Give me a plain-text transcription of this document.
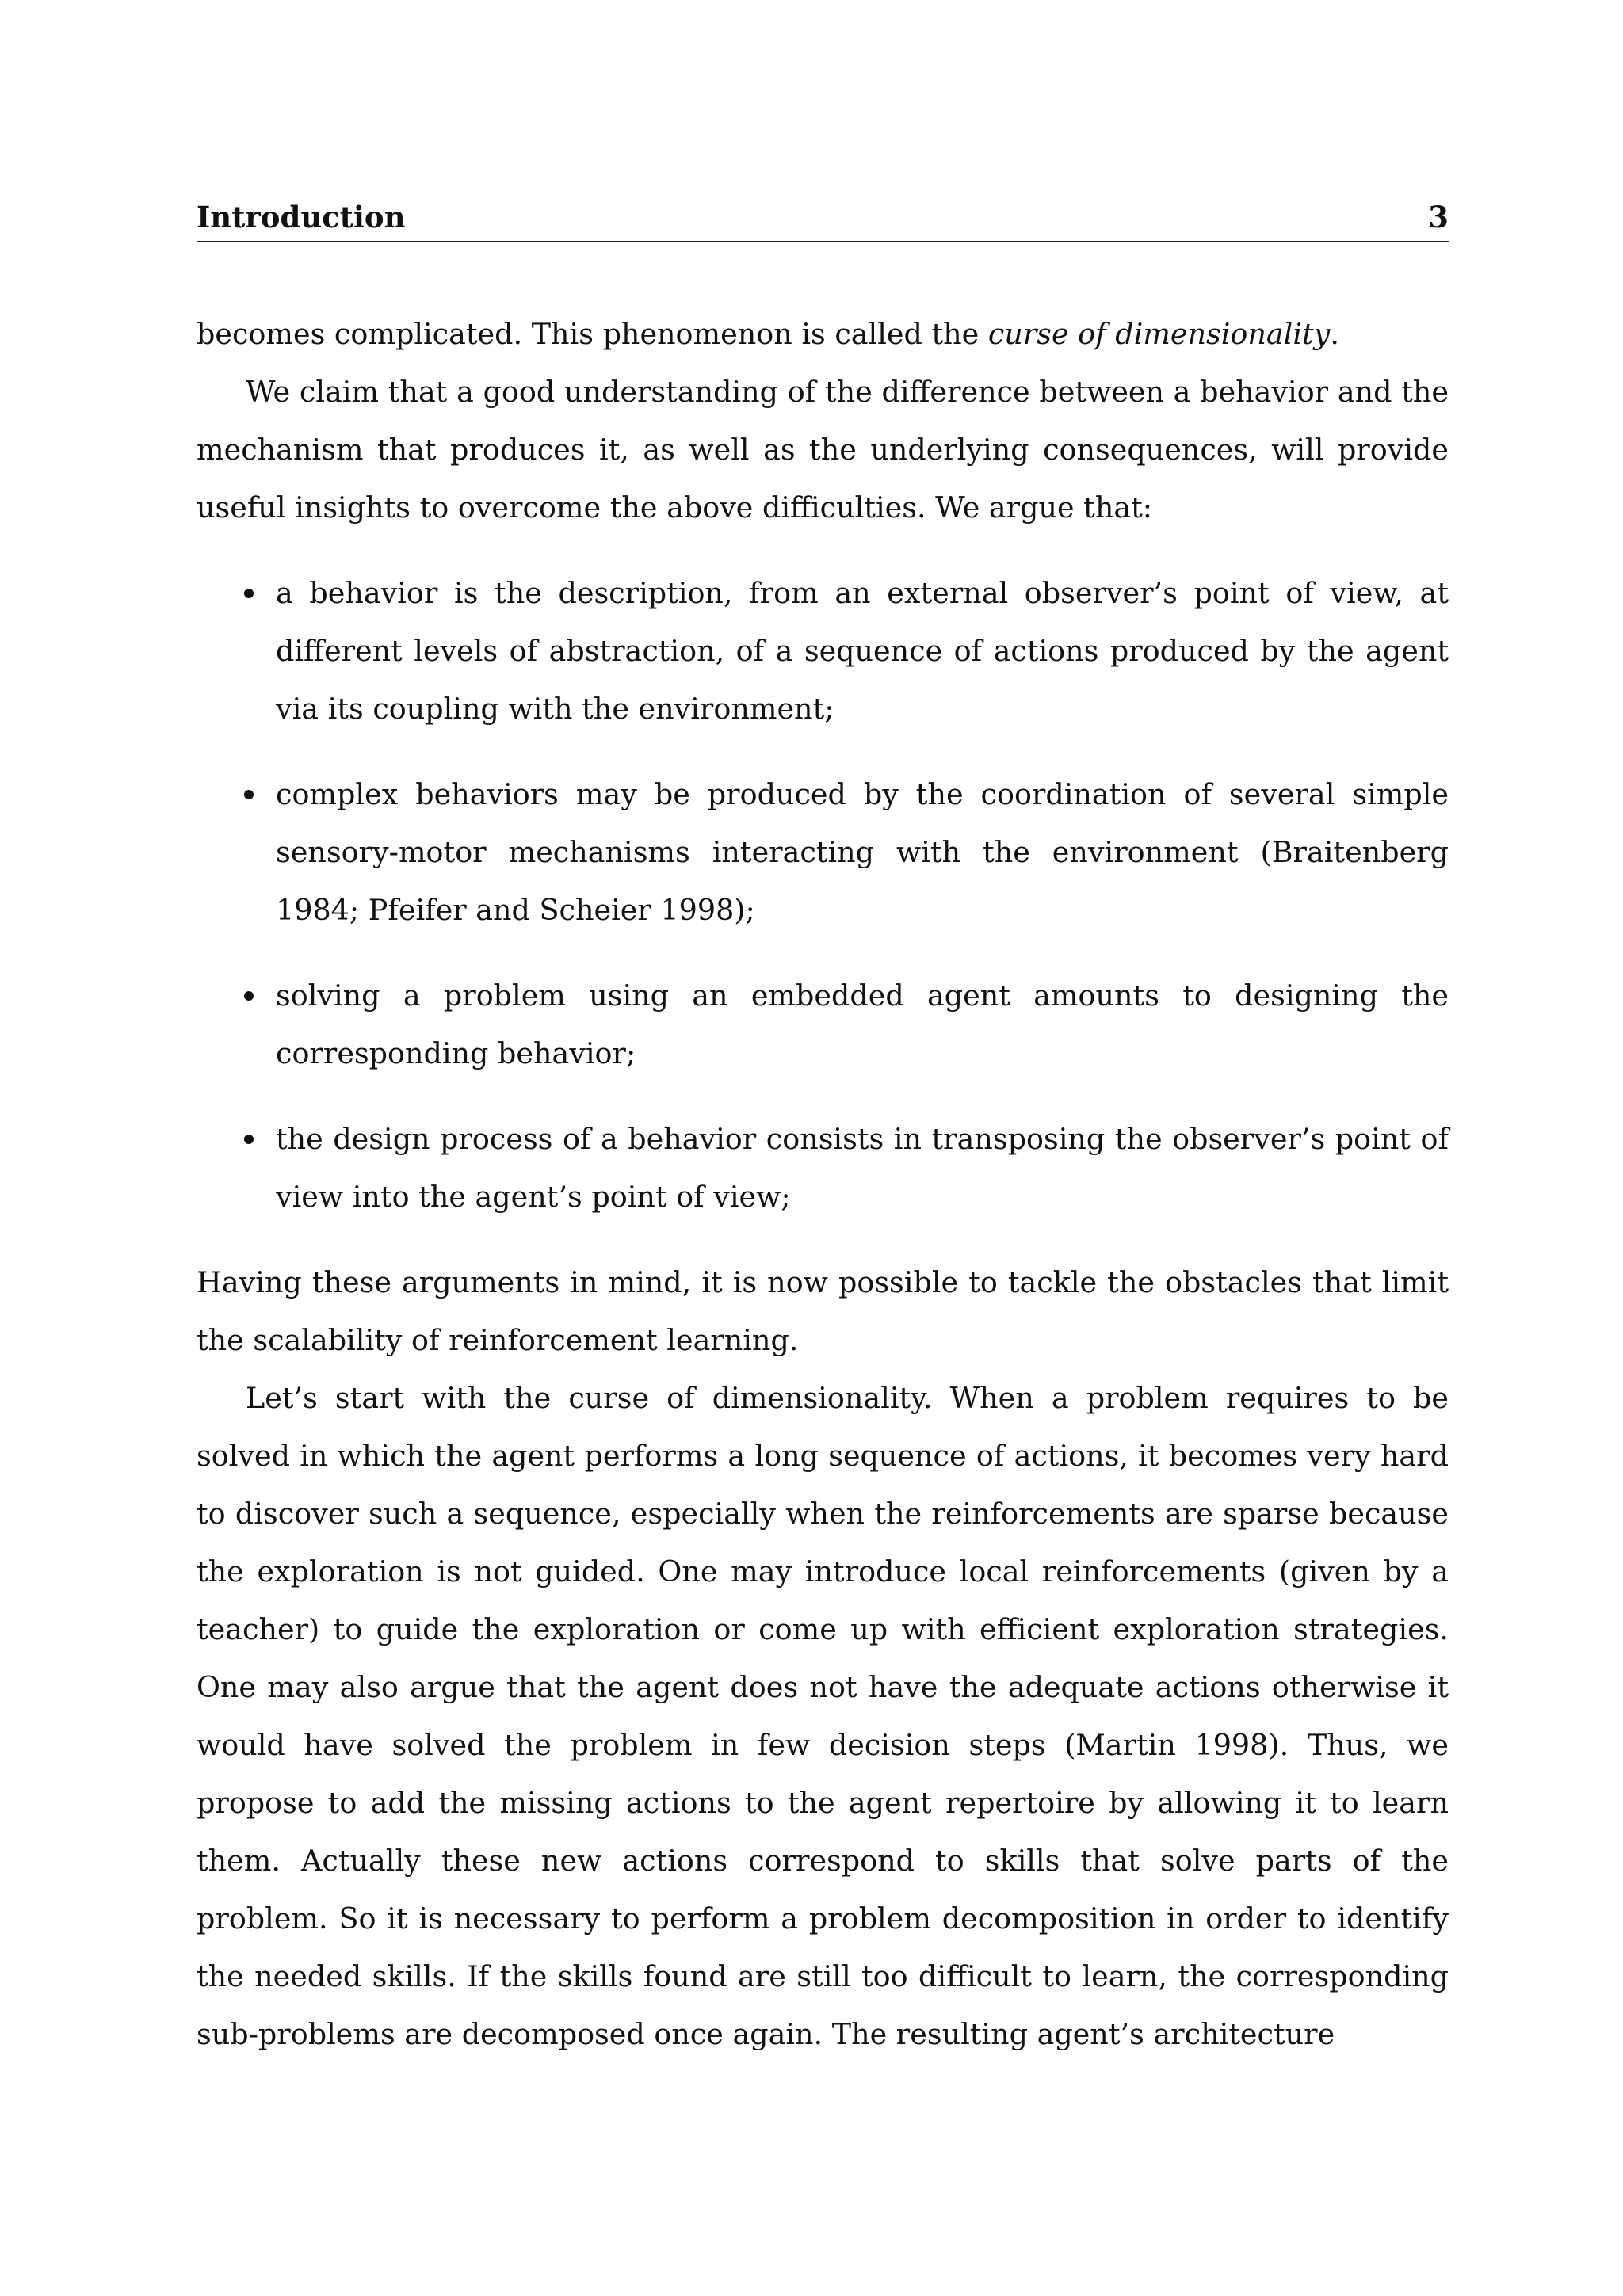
Introduction	3

becomes complicated. This phenomenon is called the curse of dimensionality.

We claim that a good understanding of the difference between a behavior and the mechanism that produces it, as well as the underlying consequences, will provide useful insights to overcome the above difficulties. We argue that:

a behavior is the description, from an external observer’s point of view, at different levels of abstraction, of a sequence of actions produced by the agent via its coupling with the environment;
complex behaviors may be produced by the coordination of several simple sensory-motor mechanisms interacting with the environment (Braitenberg 1984; Pfeifer and Scheier 1998);
solving a problem using an embedded agent amounts to designing the corresponding behavior;
the design process of a behavior consists in transposing the observer’s point of view into the agent’s point of view;

Having these arguments in mind, it is now possible to tackle the obstacles that limit the scalability of reinforcement learning.

Let’s start with the curse of dimensionality. When a problem requires to be solved in which the agent performs a long sequence of actions, it becomes very hard to discover such a sequence, especially when the reinforcements are sparse because the exploration is not guided. One may introduce local reinforcements (given by a teacher) to guide the exploration or come up with efficient exploration strategies. One may also argue that the agent does not have the adequate actions otherwise it would have solved the problem in few decision steps (Martin 1998). Thus, we propose to add the missing actions to the agent repertoire by allowing it to learn them. Actually these new actions correspond to skills that solve parts of the problem. So it is necessary to perform a problem decomposition in order to identify the needed skills. If the skills found are still too difficult to learn, the corresponding sub-problems are decomposed once again. The resulting agent’s architecture
